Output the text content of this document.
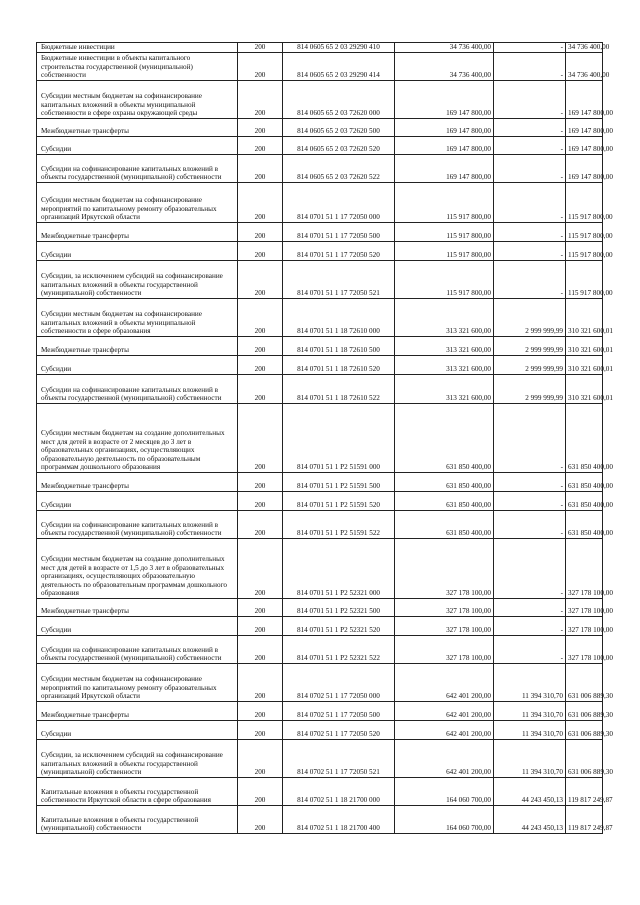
Бюджетные инвестиции	200	814 0605 65 2 03 29290 410	34 736 400,00	-	34 736 400,00
Бюджетные инвестиции в объекты капитального строительства государственной (муниципальной) собственности	200	814 0605 65 2 03 29290 414	34 736 400,00	-	34 736 400,00
Субсидии местным бюджетам на софинансирование капитальных вложений в объекты муниципальной собственности в сфере охраны окружающей среды	200	814 0605 65 2 03 72620 000	169 147 800,00	-	169 147 800,00
Межбюджетные трансферты	200	814 0605 65 2 03 72620 500	169 147 800,00	-	169 147 800,00
Субсидии	200	814 0605 65 2 03 72620 520	169 147 800,00	-	169 147 800,00
Субсидии на софинансирование капитальных вложений в объекты государственной (муниципальной) собственности	200	814 0605 65 2 03 72620 522	169 147 800,00	-	169 147 800,00
Субсидии местным бюджетам на софинансирование мероприятий по капитальному ремонту образовательных организаций Иркутской области	200	814 0701 51 1 17 72050 000	115 917 800,00	-	115 917 800,00
Межбюджетные трансферты	200	814 0701 51 1 17 72050 500	115 917 800,00	-	115 917 800,00
Субсидии	200	814 0701 51 1 17 72050 520	115 917 800,00	-	115 917 800,00
Субсидии, за исключением субсидий на софинансирование капитальных вложений в объекты государственной (муниципальной) собственности	200	814 0701 51 1 17 72050 521	115 917 800,00	-	115 917 800,00
Субсидии местным бюджетам на софинансирование капитальных вложений в объекты муниципальной собственности в сфере образования	200	814 0701 51 1 18 72610 000	313 321 600,00	2 999 999,99	310 321 600,01
Межбюджетные трансферты	200	814 0701 51 1 18 72610 500	313 321 600,00	2 999 999,99	310 321 600,01
Субсидии	200	814 0701 51 1 18 72610 520	313 321 600,00	2 999 999,99	310 321 600,01
Субсидии на софинансирование капитальных вложений в объекты государственной (муниципальной) собственности	200	814 0701 51 1 18 72610 522	313 321 600,00	2 999 999,99	310 321 600,01
Субсидии местным бюджетам на создание дополнительных мест для детей в возрасте от 2 месяцев до 3 лет в образовательных организациях, осуществляющих образовательную деятельность по образовательным программам дошкольного образования	200	814 0701 51 1 P2 51591 000	631 850 400,00	-	631 850 400,00
Межбюджетные трансферты	200	814 0701 51 1 P2 51591 500	631 850 400,00	-	631 850 400,00
Субсидии	200	814 0701 51 1 P2 51591 520	631 850 400,00	-	631 850 400,00
Субсидии на софинансирование капитальных вложений в объекты государственной (муниципальной) собственности	200	814 0701 51 1 P2 51591 522	631 850 400,00	-	631 850 400,00
Субсидии местным бюджетам на создание дополнительных мест для детей в возрасте от 1,5 до 3 лет в образовательных организациях, осуществляющих образовательную деятельность по образовательным программам дошкольного образования	200	814 0701 51 1 P2 52321 000	327 178 100,00	-	327 178 100,00
Межбюджетные трансферты	200	814 0701 51 1 P2 52321 500	327 178 100,00	-	327 178 100,00
Субсидии	200	814 0701 51 1 P2 52321 520	327 178 100,00	-	327 178 100,00
Субсидии на софинансирование капитальных вложений в объекты государственной (муниципальной) собственности	200	814 0701 51 1 P2 52321 522	327 178 100,00	-	327 178 100,00
Субсидии местным бюджетам на софинансирование мероприятий по капитальному ремонту образовательных организаций Иркутской области	200	814 0702 51 1 17 72050 000	642 401 200,00	11 394 310,70	631 006 889,30
Межбюджетные трансферты	200	814 0702 51 1 17 72050 500	642 401 200,00	11 394 310,70	631 006 889,30
Субсидии	200	814 0702 51 1 17 72050 520	642 401 200,00	11 394 310,70	631 006 889,30
Субсидии, за исключением субсидий на софинансирование капитальных вложений в объекты государственной (муниципальной) собственности	200	814 0702 51 1 17 72050 521	642 401 200,00	11 394 310,70	631 006 889,30
Капитальные вложения в объекты государственной собственности Иркутской области в сфере образования	200	814 0702 51 1 18 21700 000	164 060 700,00	44 243 450,13	119 817 249,87
Капитальные вложения в объекты государственной (муниципальной) собственности	200	814 0702 51 1 18 21700 400	164 060 700,00	44 243 450,13	119 817 249,87
